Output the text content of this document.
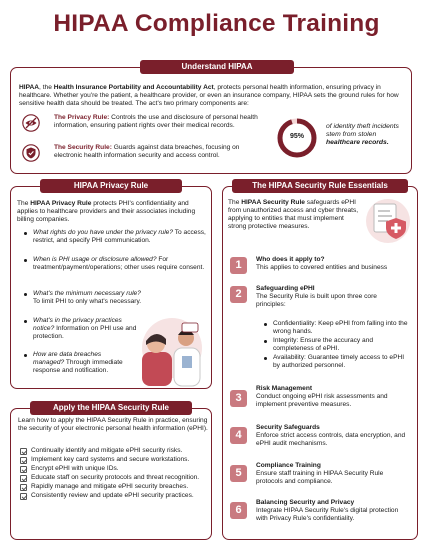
HIPAA Compliance Training
Understand HIPAA
HIPAA, the Health Insurance Portability and Accountability Act, protects personal health information, ensuring privacy in healthcare. Whether you're the patient, a healthcare provider, or even an insurance company, HIPAA sets the ground rules for how sensitive health data should be treated. The act's two primary components are:
The Privacy Rule: Controls the use and disclosure of personal health information, ensuring patient rights over their medical records.
The Security Rule: Guards against data breaches, focusing on electronic health information security and access control.
95%
of identity theft incidents stem from stolen healthcare records.
HIPAA Privacy Rule
The HIPAA Privacy Rule protects PHI's confidentiality and applies to healthcare providers and their associates including billing companies.
What rights do you have under the privacy rule? To access, restrict, and specify PHI communication.
When is PHI usage or disclosure allowed? For treatment/payment/operations; other uses require consent.
What's the minimum necessary rule? To limit PHI to only what's necessary.
What's in the privacy practices notice? Information on PHI use and protection.
How are data breaches managed? Through immediate response and notification.
Apply the HIPAA Security Rule
Learn how to apply the HIPAA Security Rule in practice, ensuring the security of your electronic personal health information (ePHI).
Continually identify and mitigate ePHI security risks.
Implement key card systems and secure workstations.
Encrypt ePHI with unique IDs.
Educate staff on security protocols and threat recognition.
Rapidly manage and mitigate ePHI security breaches.
Consistently review and update ePHI security practices.
The HIPAA Security Rule Essentials
The HIPAA Security Rule safeguards ePHI from unauthorized access and cyber threats, applying to entities that must implement strong protective measures.
1	Who does it apply to?
This applies to covered entities and business
2	Safeguarding ePHI
The Security Rule is built upon three core principles:
Confidentiality: Keep ePHI from falling into the wrong hands.
Integrity: Ensure the accuracy and completeness of ePHI.
Availability: Guarantee timely access to ePHI by authorized personnel.
3
Risk Management
Conduct ongoing ePHI risk assessments and implement preventive measures.
4
Security Safeguards
Enforce strict access controls, data encryption, and ePHI audit mechanisms.
5
Compliance Training
Ensure staff training in HIPAA Security Rule protocols and compliance.
6
Balancing Security and Privacy
Integrate HIPAA Security Rule's digital protection with Privacy Rule's confidentiality.
